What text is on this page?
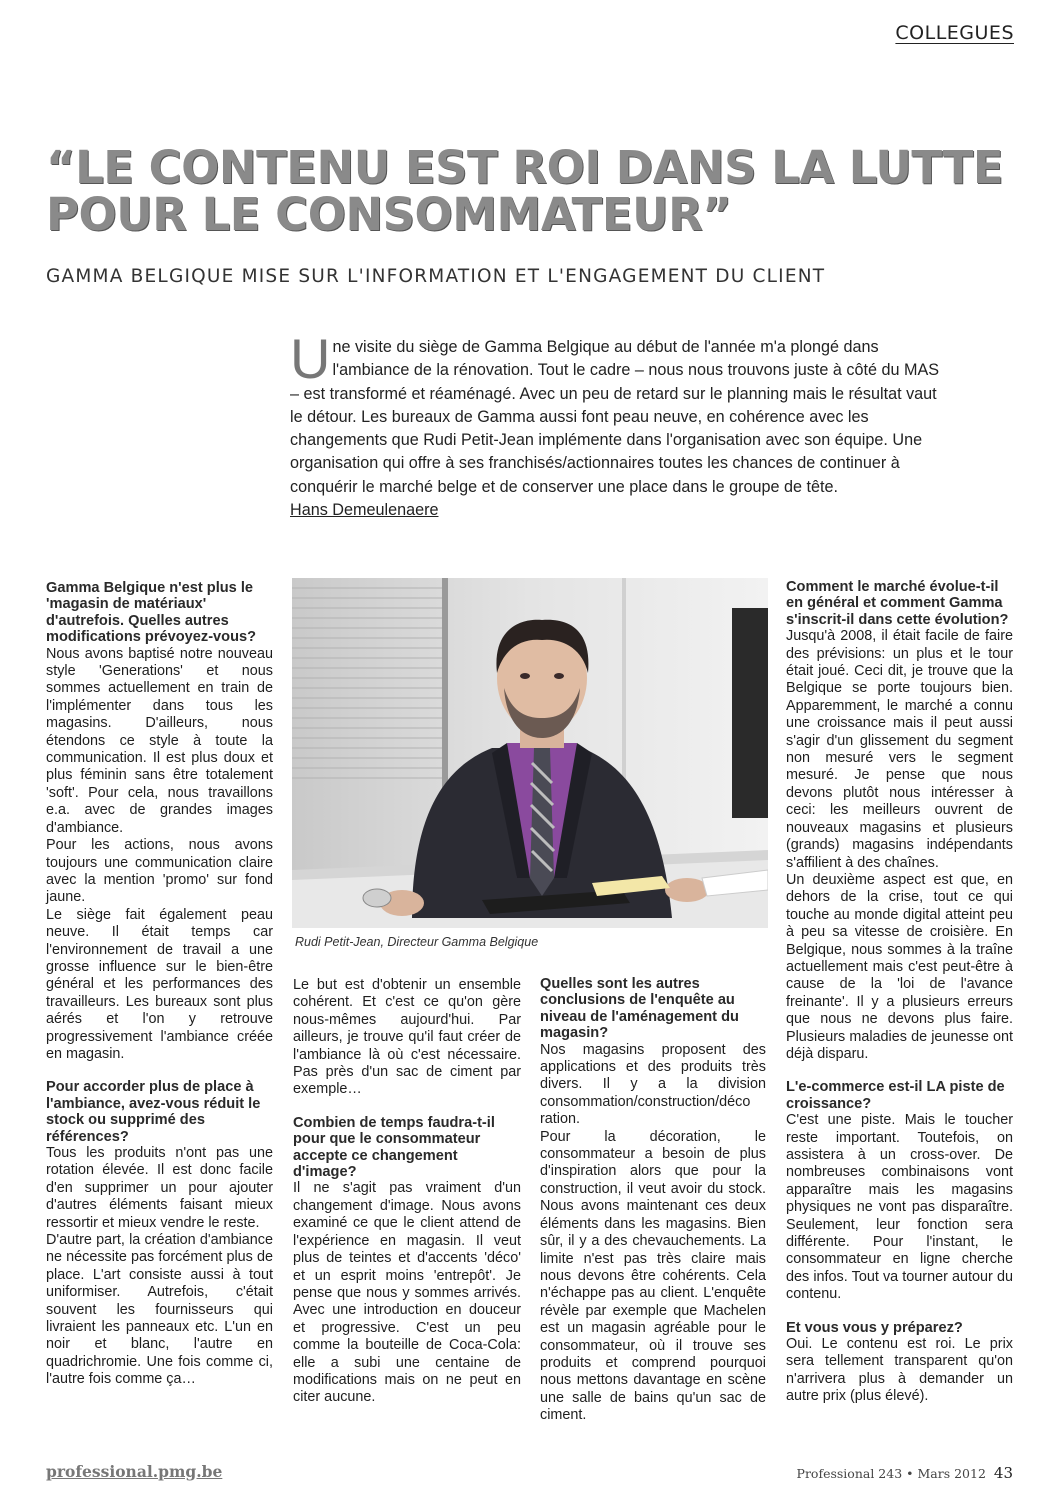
COLLEGUES
“LE CONTENU EST ROI DANS LA LUTTE
POUR LE CONSOMMATEUR”
GAMMA BELGIQUE MISE SUR L'INFORMATION ET L'ENGAGEMENT DU CLIENT
U ne visite du siège de Gamma Belgique au début de l'année m'a plongé dans l'ambiance de la rénovation. Tout le cadre – nous nous trouvons juste à côté du MAS – est transformé et réaménagé. Avec un peu de retard sur le planning mais le résultat vaut le détour. Les bureaux de Gamma aussi font peau neuve, en cohérence avec les changements que Rudi Petit-Jean implémente dans l'organisation avec son équipe. Une organisation qui offre à ses franchisés/actionnaires toutes les chances de continuer à conquérir le marché belge et de conserver une place dans le groupe de tête.
Hans Demeulenaere
Rudi Petit-Jean, Directeur Gamma Belgique
Gamma Belgique n'est plus le 'magasin de matériaux' d'autrefois. Quelles autres modifications prévoyez-vous?

Nous avons baptisé notre nouveau style 'Generations' et nous sommes actuellement en train de l'implémenter dans tous les magasins. D'ailleurs, nous étendons ce style à toute la communication. Il est plus doux et plus féminin sans être totalement 'soft'. Pour cela, nous travaillons e.a. avec de grandes images d'ambiance.

Pour les actions, nous avons toujours une communication claire avec la mention 'promo' sur fond jaune.

Le siège fait également peau neuve. Il était temps car l'environnement de travail a une grosse influence sur le bien-être général et les performances des travailleurs. Les bureaux sont plus aérés et l'on y retrouve progressivement l'ambiance créée en magasin.

Pour accorder plus de place à l'ambiance, avez-vous réduit le stock ou supprimé des références?

Tous les produits n'ont pas une rotation élevée. Il est donc facile d'en supprimer un pour ajouter d'autres éléments faisant mieux ressortir et mieux vendre le reste.

D'autre part, la création d'ambiance ne nécessite pas forcément plus de place. L'art consiste aussi à tout uniformiser. Autrefois, c'était souvent les fournisseurs qui livraient les panneaux etc. L'un en noir et blanc, l'autre en quadrichromie. Une fois comme ci, l'autre fois comme ça…

Le but est d'obtenir un ensemble cohérent. Et c'est ce qu'on gère nous-mêmes aujourd'hui. Par ailleurs, je trouve qu'il faut créer de l'ambiance là où c'est nécessaire. Pas près d'un sac de ciment par exemple…

Combien de temps faudra-t-il pour que le consommateur accepte ce changement d'image?

Il ne s'agit pas vraiment d'un changement d'image. Nous avons examiné ce que le client attend de l'expérience en magasin. Il veut plus de teintes et d'accents 'déco' et un esprit moins 'entrepôt'. Je pense que nous y sommes arrivés. Avec une introduction en douceur et progressive. C'est un peu comme la bouteille de Coca-Cola: elle a subi une centaine de modifications mais on ne peut en citer aucune.

Quelles sont les autres conclusions de l'enquête au niveau de l'aménagement du magasin?

Nos magasins proposent des applications et des produits très divers. Il y a la division consommation/construction/déco ration.

Pour la décoration, le consommateur a besoin de plus d'inspiration alors que pour la construction, il veut avoir du stock. Nous avons maintenant ces deux éléments dans les magasins. Bien sûr, il y a des chevauchements. La limite n'est pas très claire mais nous devons être cohérents. Cela n'échappe pas au client. L'enquête révèle par exemple que Machelen est un magasin agréable pour le consommateur, où il trouve ses produits et comprend pourquoi nous mettons davantage en scène une salle de bains qu'un sac de ciment.

Comment le marché évolue-t-il en général et comment Gamma s'inscrit-il dans cette évolution?

Jusqu'à 2008, il était facile de faire des prévisions: un plus et le tour était joué. Ceci dit, je trouve que la Belgique se porte toujours bien. Apparemment, le marché a connu une croissance mais il peut aussi s'agir d'un glissement du segment non mesuré vers le segment mesuré. Je pense que nous devons plutôt nous intéresser à ceci: les meilleurs ouvrent de nouveaux magasins et plusieurs (grands) magasins indépendants s'affilient à des chaînes.

Un deuxième aspect est que, en dehors de la crise, tout ce qui touche au monde digital atteint peu à peu sa vitesse de croisière. En Belgique, nous sommes à la traîne actuellement mais c'est peut-être à cause de la 'loi de l'avance freinante'. Il y a plusieurs erreurs que nous ne devons plus faire. Plusieurs maladies de jeunesse ont déjà disparu.

L'e-commerce est-il LA piste de croissance?

C'est une piste. Mais le toucher reste important. Toutefois, on assistera à un cross-over. De nombreuses combinaisons vont apparaître mais les magasins physiques ne vont pas disparaître. Seulement, leur fonction sera différente. Pour l'instant, le consommateur en ligne cherche des infos. Tout va tourner autour du contenu.

Et vous vous y préparez?

Oui. Le contenu est roi. Le prix sera tellement transparent qu'on n'arrivera plus à demander un autre prix (plus élevé).

professional.pmg.be	Professional 243 • Mars 2012 43
